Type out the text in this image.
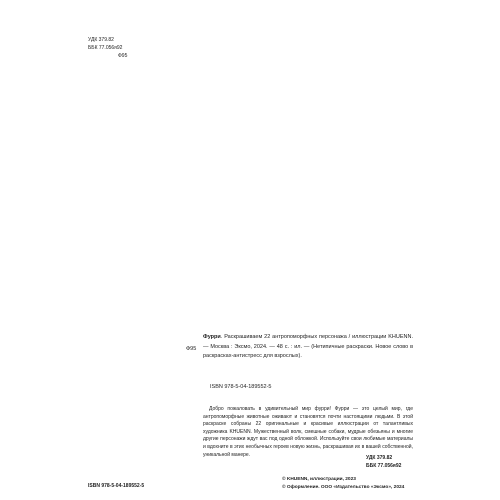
УДК 379.82
ББК 77.056я92
Ф95
Ф95
Фурри. Раскрашиваем 22 антропоморфных персонажа / иллюстрации KHUENN. — Москва : Эксмо, 2024. — 48 с. : ил. — (Нетипичные раскраски. Новое слово в раскрасках-антистресс для взрослых).
ISBN 978-5-04-189552-5
Добро пожаловать в удивительный мир фурри! Фурри — это целый мир, где антропоморфные животные оживают и становятся почти настоящими людьми. В этой раскраске собраны 22 оригинальные и красивые иллюстрации от талантливых художника KHUENN. Мужественный волк, смешные собаки, мудрые обезьяны и многие другие персонажи ждут вас под одной обложкой. Используйте свои любимые материалы и вдохните в этих необычных героев новую жизнь, раскрашивая их в вашей собственной, уникальной манере.
УДК 379.82
ББК 77.056я92
ISBN 978-5-04-189552-5
© KHUENN, иллюстрации, 2023
© Оформление. ООО «Издательство «Эксмо», 2024
